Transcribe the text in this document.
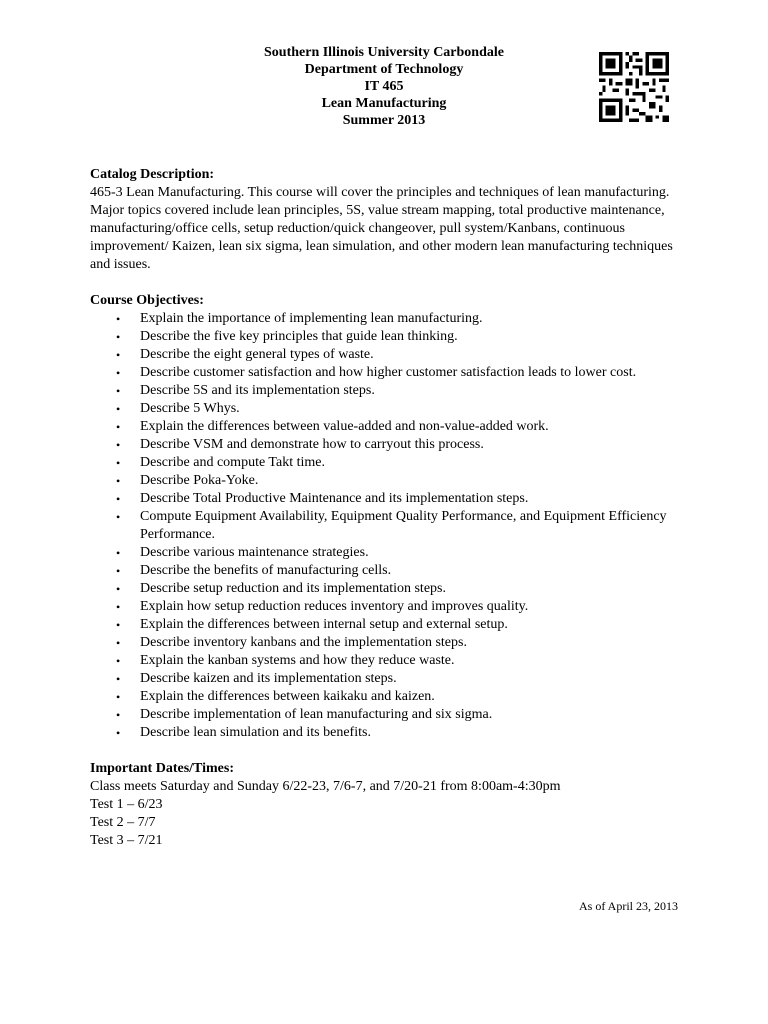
Southern Illinois University Carbondale
Department of Technology
IT 465
Lean Manufacturing
Summer 2013
Catalog Description:

465-3 Lean Manufacturing. This course will cover the principles and techniques of lean manufacturing. Major topics covered include lean principles, 5S, value stream mapping, total productive maintenance, manufacturing/office cells, setup reduction/quick changeover, pull system/Kanbans, continuous improvement/ Kaizen, lean six sigma, lean simulation, and other modern lean manufacturing techniques and issues.

Course Objectives:
• Explain the importance of implementing lean manufacturing.
• Describe the five key principles that guide lean thinking.
• Describe the eight general types of waste.
• Describe customer satisfaction and how higher customer satisfaction leads to lower cost.
• Describe 5S and its implementation steps.
• Describe 5 Whys.
• Explain the differences between value-added and non-value-added work.
• Describe VSM and demonstrate how to carryout this process.
• Describe and compute Takt time.
• Describe Poka-Yoke.
• Describe Total Productive Maintenance and its implementation steps.
• Compute Equipment Availability, Equipment Quality Performance, and Equipment Efficiency Performance.
• Describe various maintenance strategies.
• Describe the benefits of manufacturing cells.
• Describe setup reduction and its implementation steps.
• Explain how setup reduction reduces inventory and improves quality.
• Explain the differences between internal setup and external setup.
• Describe inventory kanbans and the implementation steps.
• Explain the kanban systems and how they reduce waste.
• Describe kaizen and its implementation steps.
• Explain the differences between kaikaku and kaizen.
• Describe implementation of lean manufacturing and six sigma.
• Describe lean simulation and its benefits.
Important Dates/Times:
Class meets Saturday and Sunday 6/22-23, 7/6-7, and 7/20-21 from 8:00am-4:30pm
Test 1 – 6/23
Test 2 – 7/7
Test 3 – 7/21
As of April 23, 2013
